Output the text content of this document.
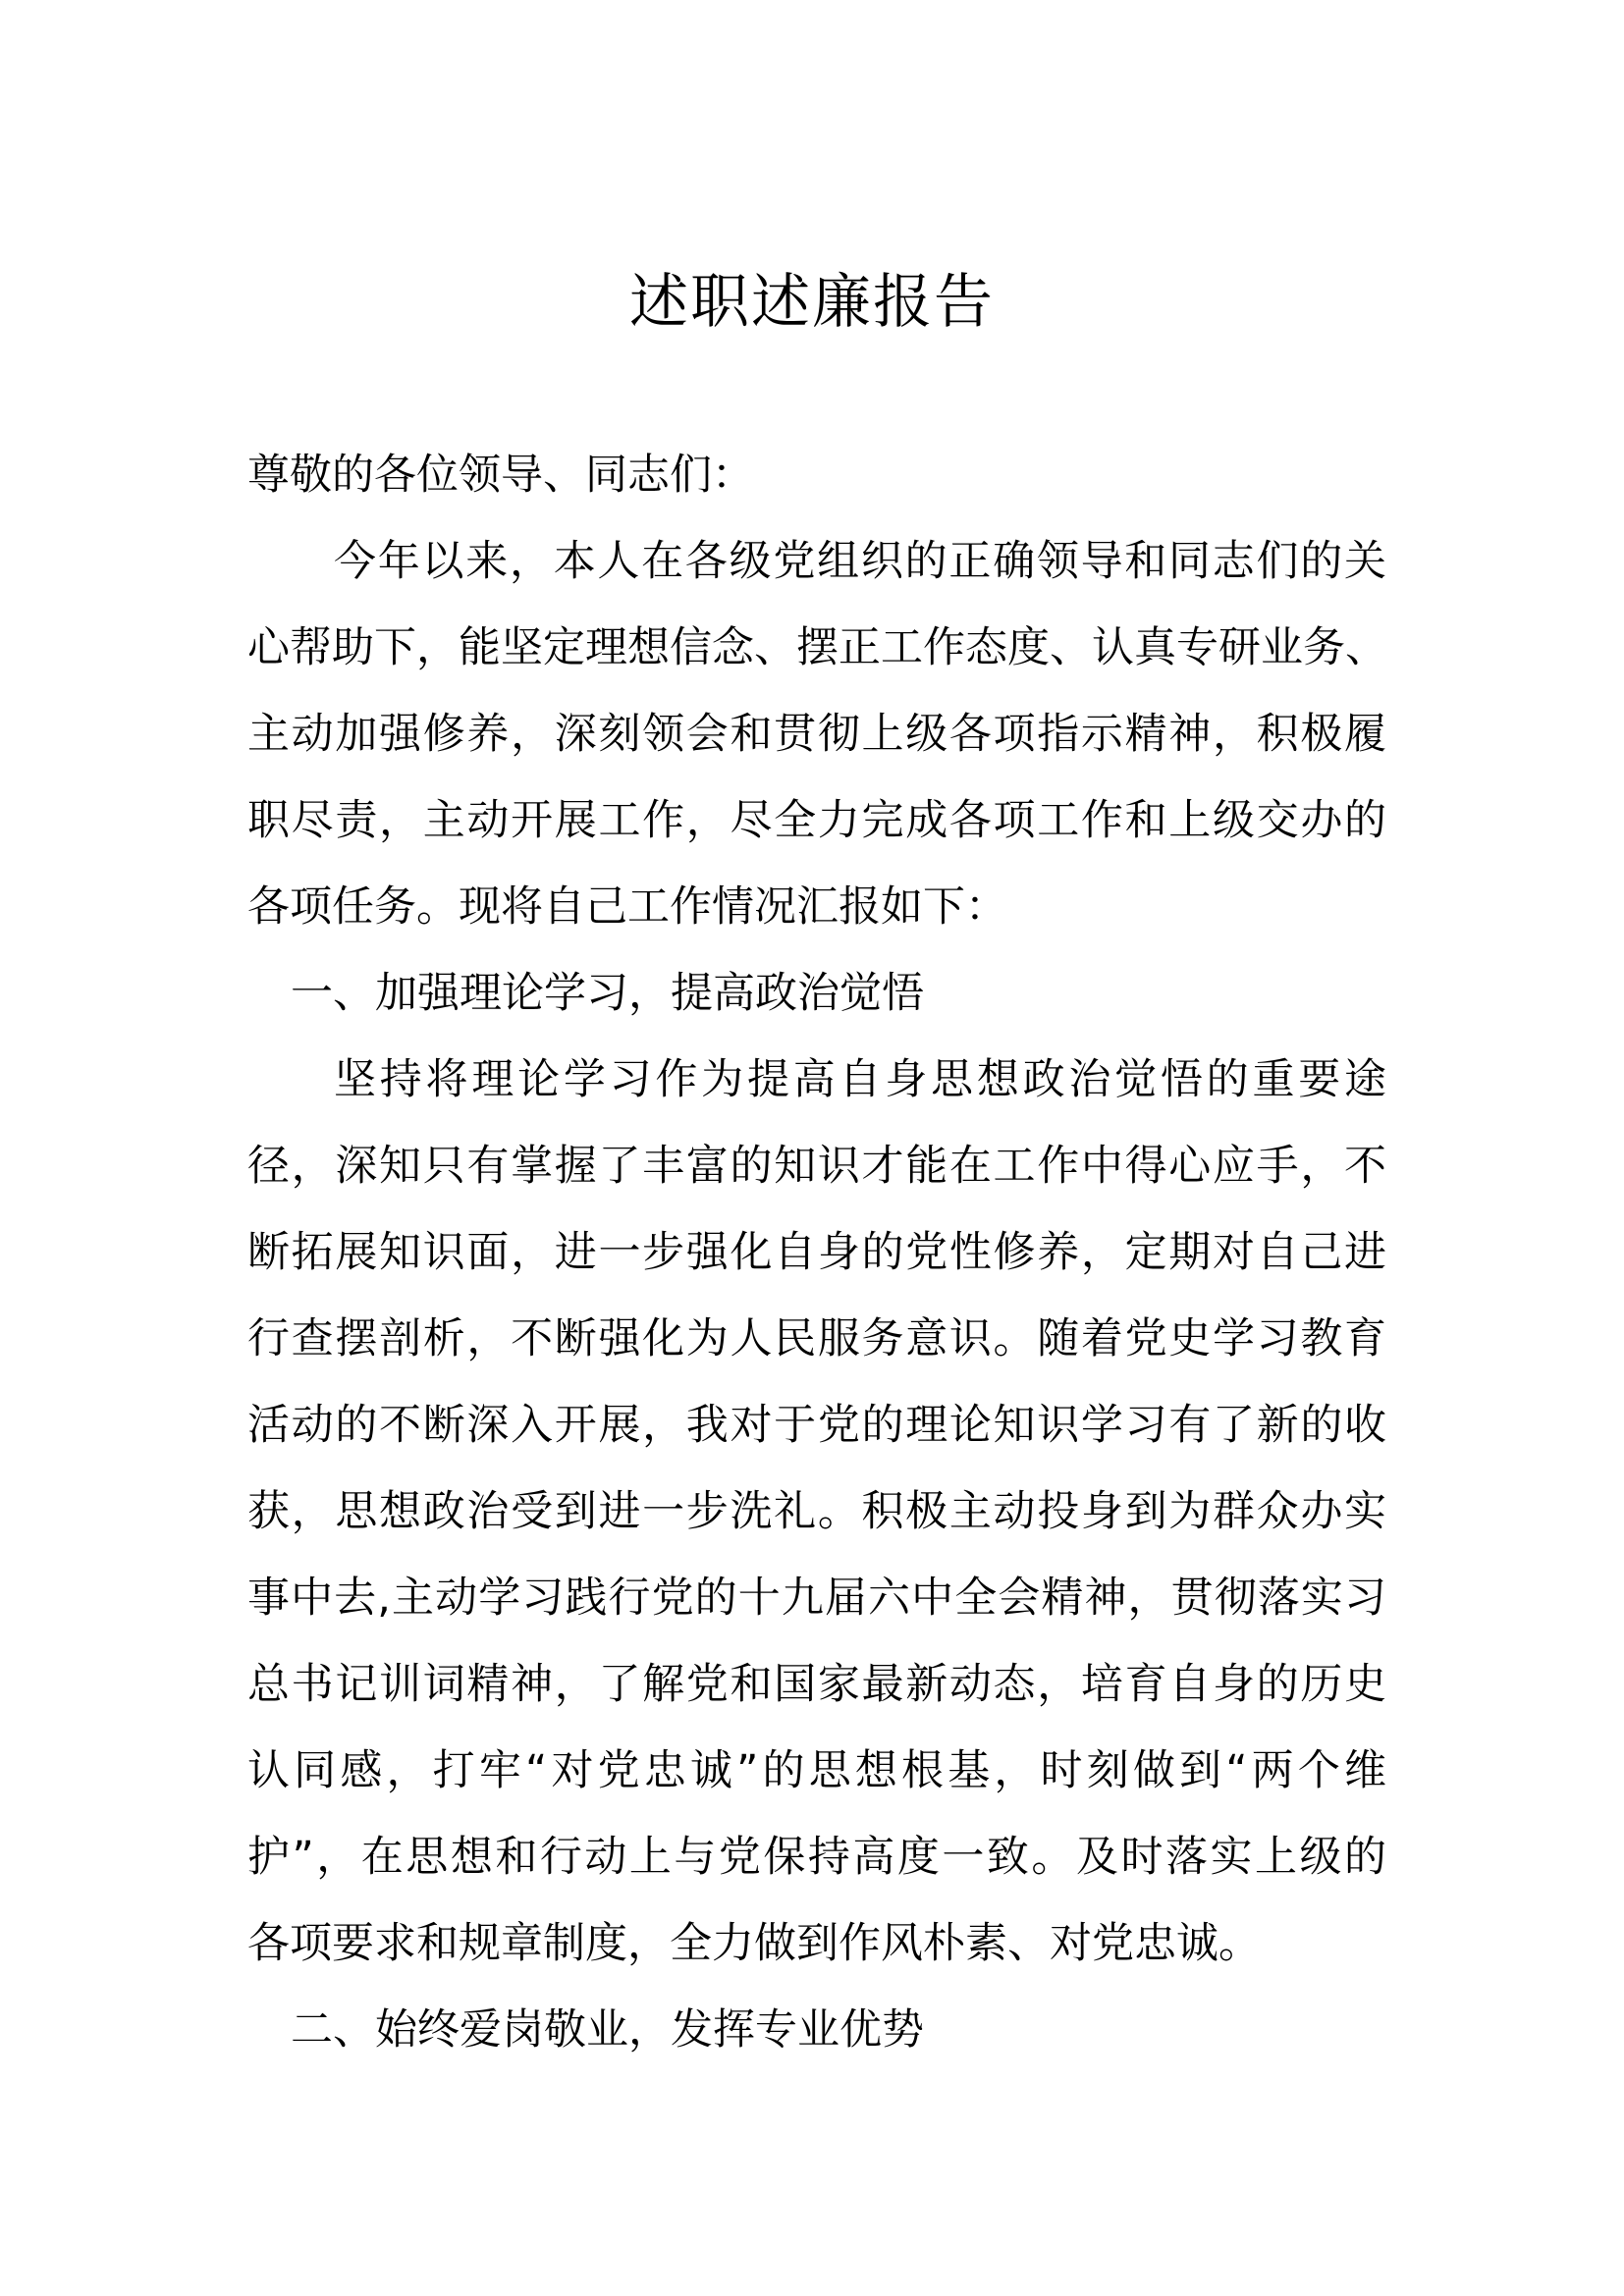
述职述廉报告
尊敬的各位领导、同志们：
今年以来，本人在各级党组织的正确领导和同志们的关
心帮助下，能坚定理想信念、摆正工作态度、认真专研业务、
主动加强修养，深刻领会和贯彻上级各项指示精神，积极履
职尽责，主动开展工作，尽全力完成各项工作和上级交办的
各项任务。现将自己工作情况汇报如下：
一、加强理论学习，提高政治觉悟
坚持将理论学习作为提高自身思想政治觉悟的重要途
径，深知只有掌握了丰富的知识才能在工作中得心应手，不
断拓展知识面，进一步强化自身的党性修养，定期对自己进
行查摆剖析，不断强化为人民服务意识。随着党史学习教育
活动的不断深入开展，我对于党的理论知识学习有了新的收
获，思想政治受到进一步洗礼。积极主动投身到为群众办实
事中去,主动学习践行党的十九届六中全会精神，贯彻落实习
总书记训词精神，了解党和国家最新动态，培育自身的历史
认同感，打牢“对党忠诚”的思想根基，时刻做到“两个维
护”，在思想和行动上与党保持高度一致。及时落实上级的
各项要求和规章制度，全力做到作风朴素、对党忠诚。
二、始终爱岗敬业，发挥专业优势
